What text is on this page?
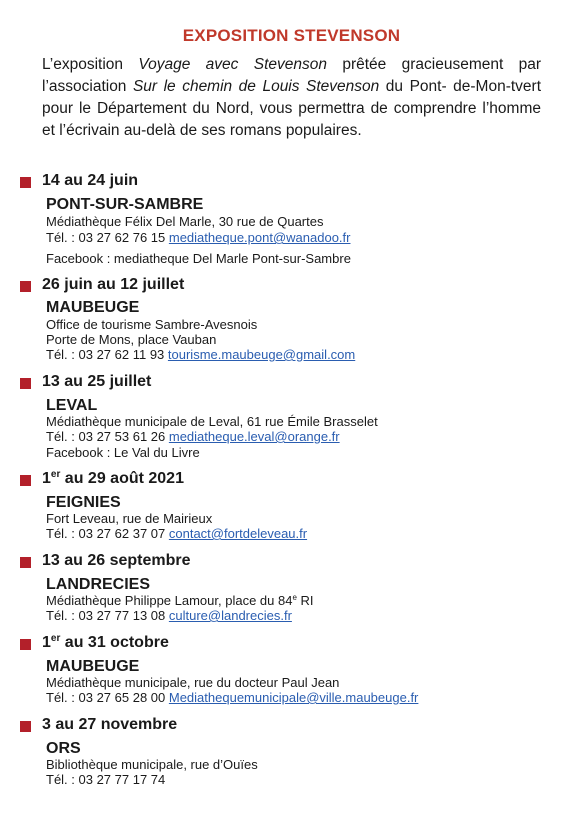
EXPOSITION STEVENSON
L’exposition Voyage avec Stevenson prêtée gracieusement par l’association Sur le chemin de Louis Stevenson du Pont- de-Mon-tvert pour le Département du Nord, vous permettra de comprendre l’homme et l’écrivain au-delà de ses romans populaires.
14 au 24 juin
PONT-SUR-SAMBRE
Médiathèque Félix Del Marle, 30 rue de Quartes
Tél. : 03 27 62 76 15 mediatheque.pont@wanadoo.fr
Facebook : mediatheque Del Marle Pont-sur-Sambre
26 juin au 12 juillet
MAUBEUGE
Office de tourisme Sambre-Avesnois
Porte de Mons, place Vauban
Tél. : 03 27 62 11 93 tourisme.maubeuge@gmail.com
13 au 25 juillet
LEVAL
Médiathèque municipale de Leval, 61 rue Émile Brasselet
Tél. : 03 27 53 61 26 mediatheque.leval@orange.fr
Facebook : Le Val du Livre
1er au 29 août 2021
FEIGNIES
Fort Leveau, rue de Mairieux
Tél. : 03 27 62 37 07 contact@fortdeleveau.fr
13 au 26 septembre
LANDRECIES
Médiathèque Philippe Lamour, place du 84e RI
Tél. : 03 27 77 13 08 culture@landrecies.fr
1er au 31 octobre
MAUBEUGE
Médiathèque municipale, rue du docteur Paul Jean
Tél. : 03 27 65 28 00 Mediathequemunicipale@ville.maubeuge.fr
3 au 27 novembre
ORS
Bibliothèque municipale, rue d’Ouïes
Tél. : 03 27 77 17 74
